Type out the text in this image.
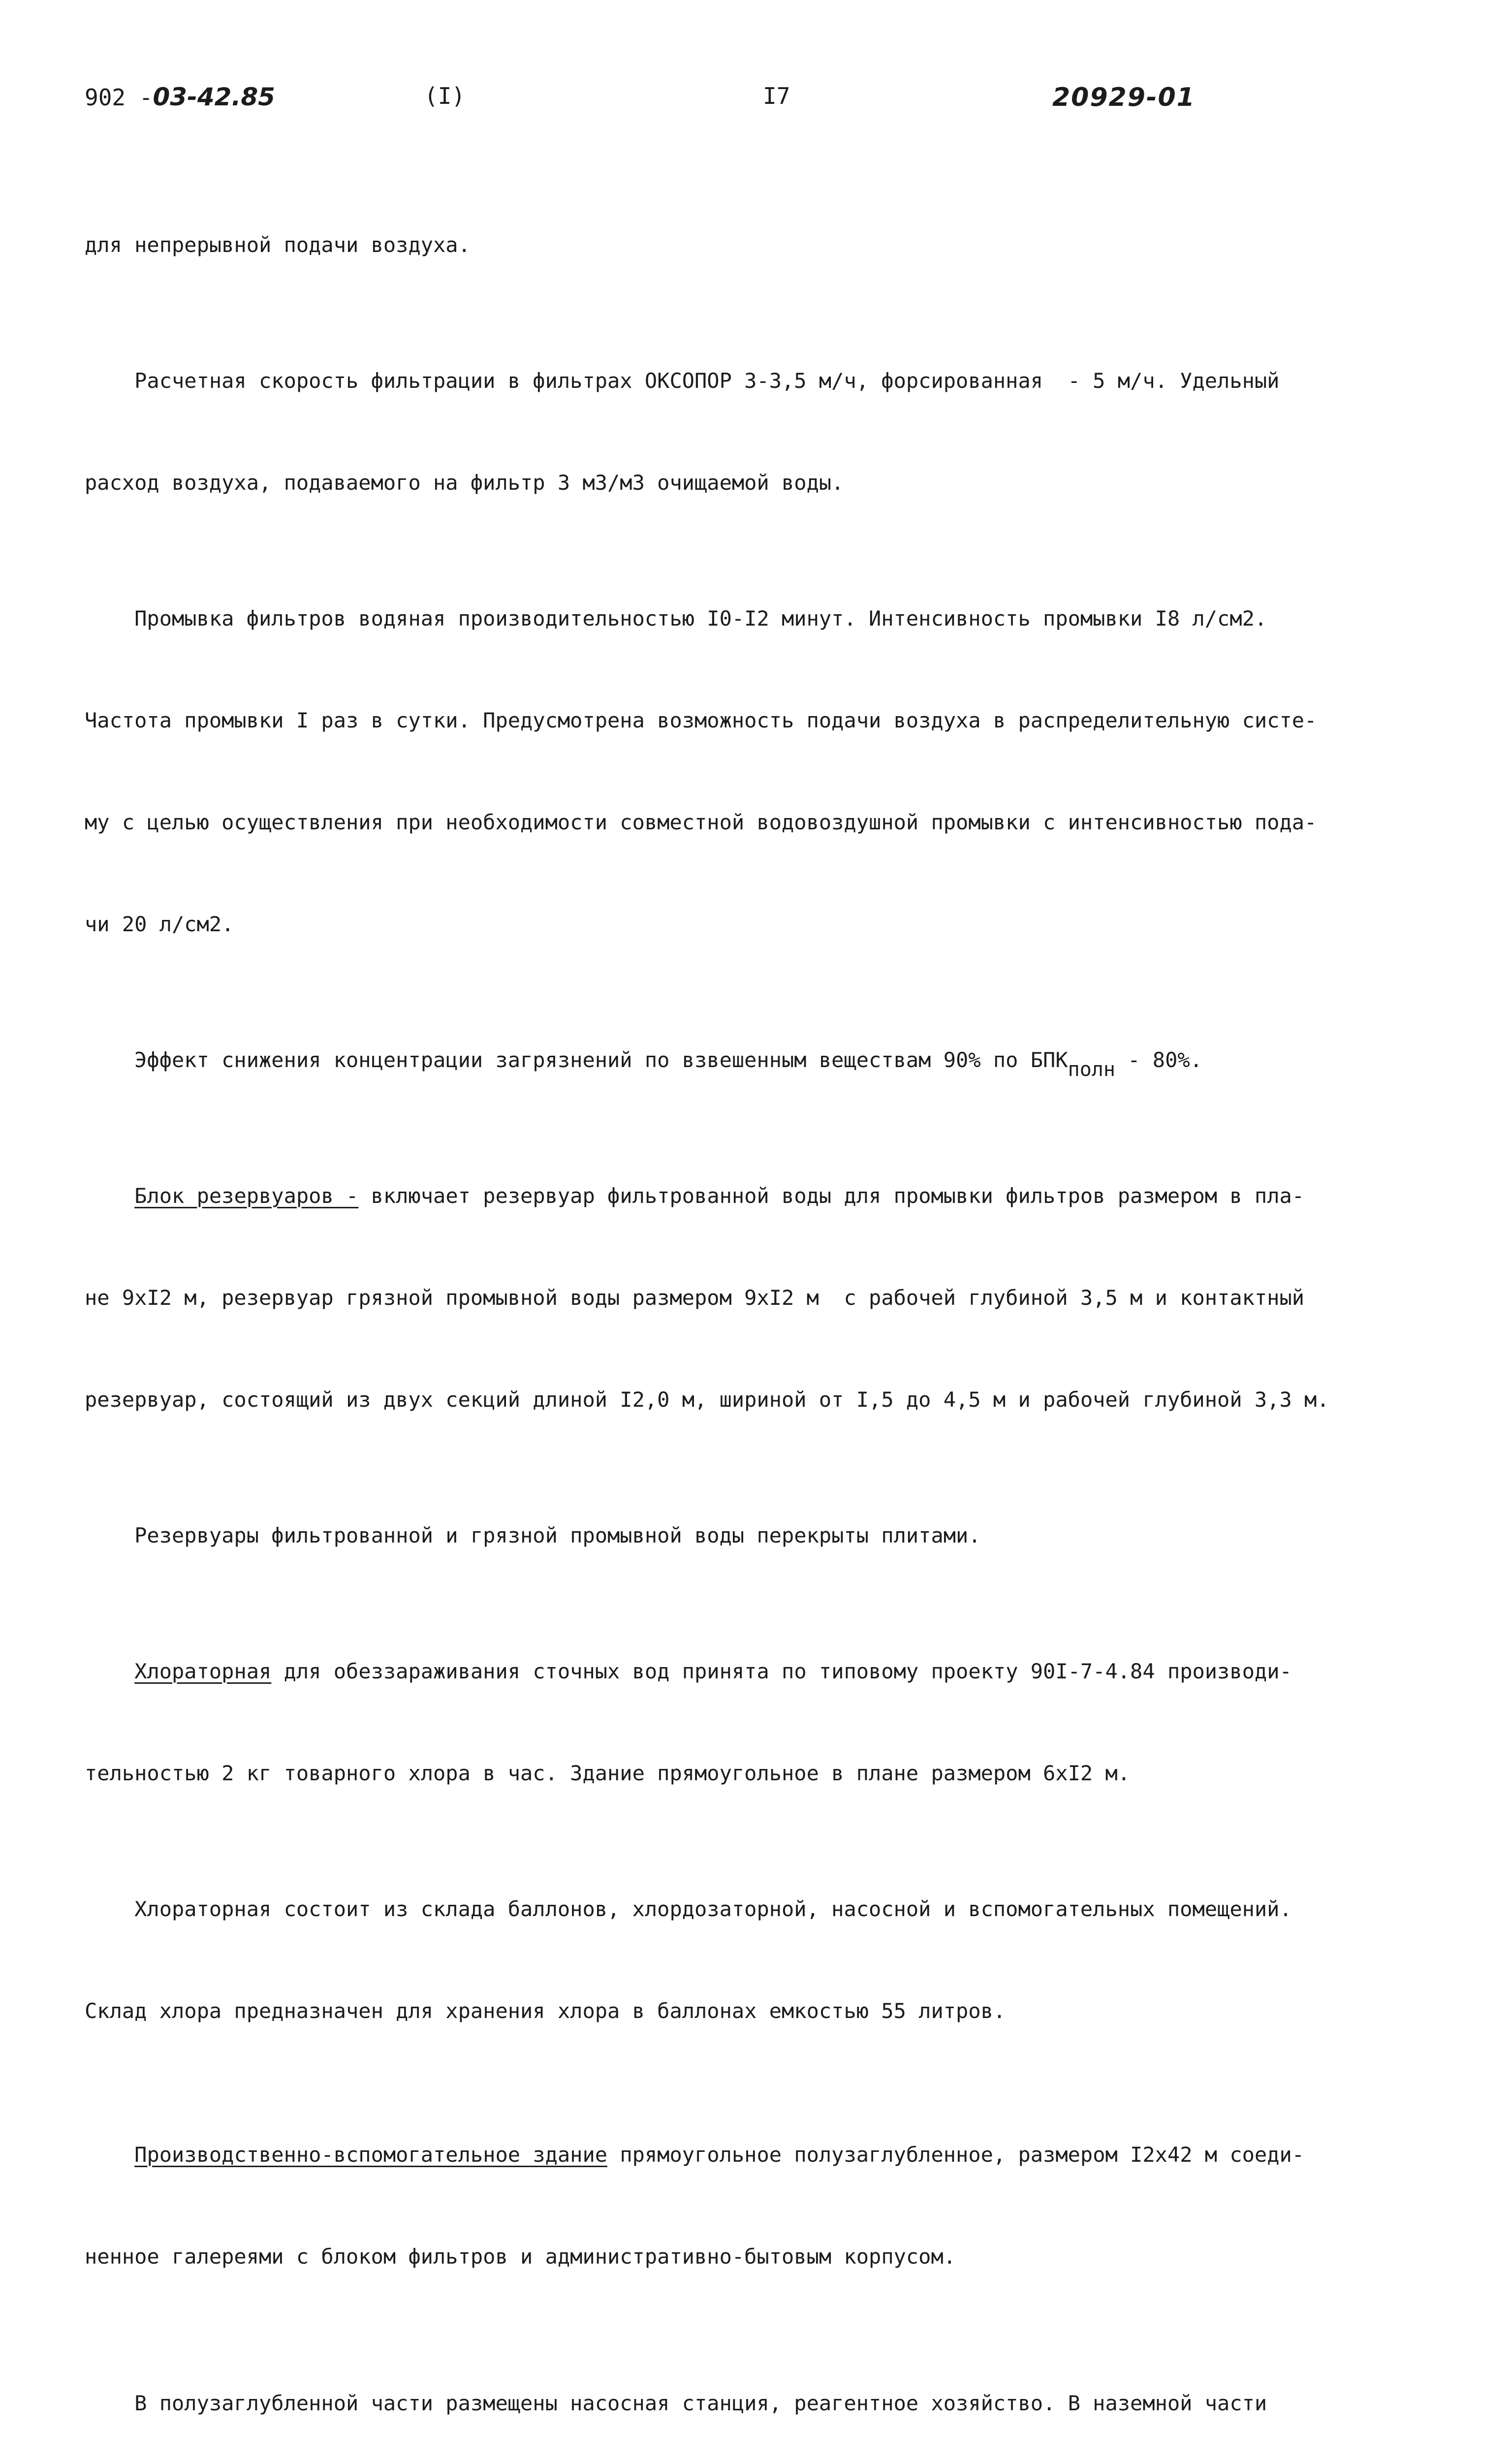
902 -03-42.85	(I)	I7	20929-01

для непрерывной подачи воздуха.

Расчетная скорость фильтрации в фильтрах ОКСОПОР 3-3,5 м/ч, форсированная  - 5 м/ч. Удельный

расход воздуха, подаваемого на фильтр 3 м3/м3 очищаемой воды.

Промывка фильтров водяная производительностью I0-I2 минут. Интенсивность промывки I8 л/см2.

Частота промывки I раз в сутки. Предусмотрена возможность подачи воздуха в распределительную систе-

му с целью осуществления при необходимости совместной водовоздушной промывки с интенсивностью пода-

чи 20 л/см2.

Эффект снижения концентрации загрязнений по взвешенным веществам 90% по БПКполн - 80%.

Блок резервуаров - включает резервуар фильтрованной воды для промывки фильтров размером в пла-

не 9хI2 м, резервуар грязной промывной воды размером 9хI2 м  с рабочей глубиной 3,5 м и контактный

резервуар, состоящий из двух секций длиной I2,0 м, шириной от I,5 до 4,5 м и рабочей глубиной 3,3 м.

Резервуары фильтрованной и грязной промывной воды перекрыты плитами.

Хлораторная для обеззараживания сточных вод принята по типовому проекту 90I-7-4.84 производи-

тельностью 2 кг товарного хлора в час. Здание прямоугольное в плане размером 6хI2 м.

Хлораторная состоит из склада баллонов, хлордозаторной, насосной и вспомогательных помещений.

Склад хлора предназначен для хранения хлора в баллонах емкостью 55 литров.

Производственно-вспомогательное здание прямоугольное полузаглубленное, размером I2х42 м соеди-

ненное галереями с блоком фильтров и административно-бытовым корпусом.

В полузаглубленной части размещены насосная станция, реагентное хозяйство. В наземной части
